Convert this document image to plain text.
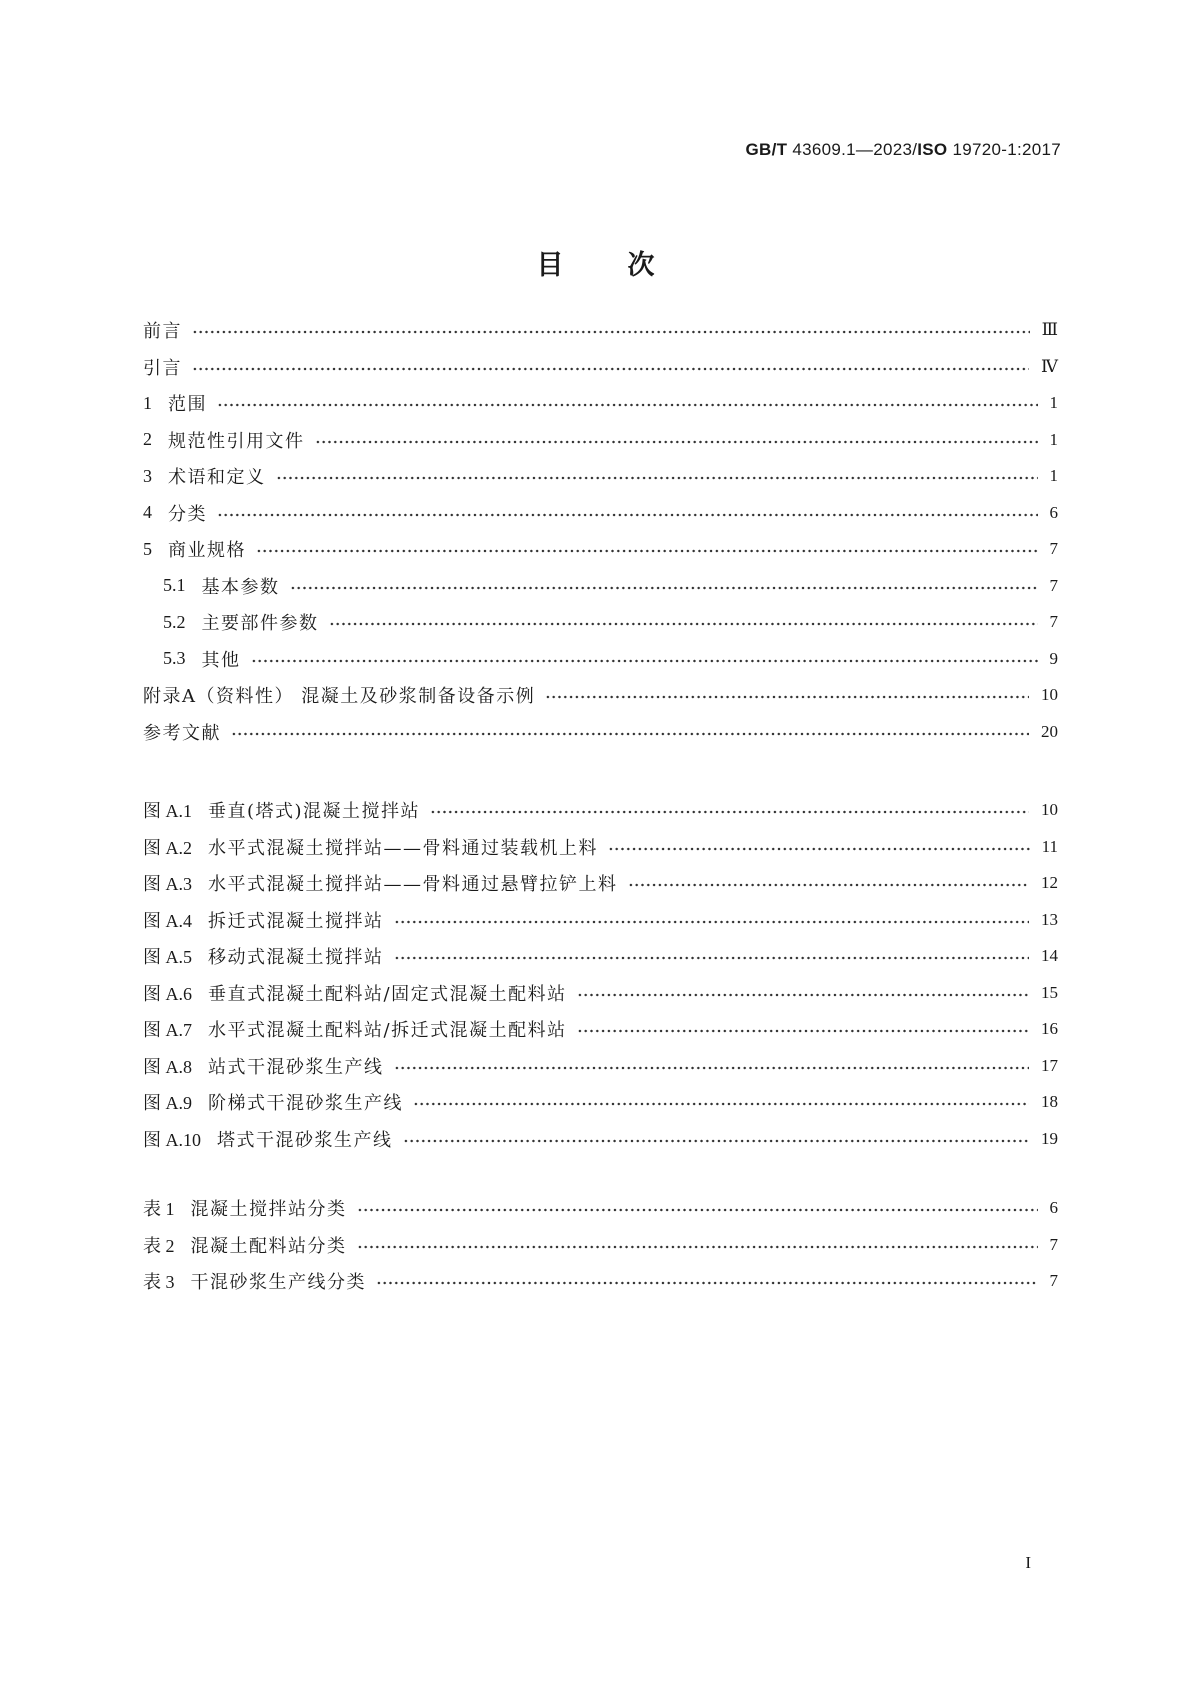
GB/T 43609.1—2023/ISO 19720-1:2017
目次
前言	Ⅲ
引言	Ⅳ
1 范围	1
2 规范性引用文件	1
3 术语和定义	1
4 分类	6
5 商业规格	7
5.1 基本参数	7
5.2 主要部件参数	7
5.3 其他	9
附录A（资料性） 混凝土及砂浆制备设备示例	10
参考文献	20
图 A.1 垂直(塔式)混凝土搅拌站	10
图 A.2 水平式混凝土搅拌站——骨料通过装载机上料	11
图 A.3 水平式混凝土搅拌站——骨料通过悬臂拉铲上料	12
图 A.4 拆迁式混凝土搅拌站	13
图 A.5 移动式混凝土搅拌站	14
图 A.6 垂直式混凝土配料站/固定式混凝土配料站	15
图 A.7 水平式混凝土配料站/拆迁式混凝土配料站	16
图 A.8 站式干混砂浆生产线	17
图 A.9 阶梯式干混砂浆生产线	18
图 A.10 塔式干混砂浆生产线	19
表 1 混凝土搅拌站分类	6
表 2 混凝土配料站分类	7
表 3 干混砂浆生产线分类	7
I
